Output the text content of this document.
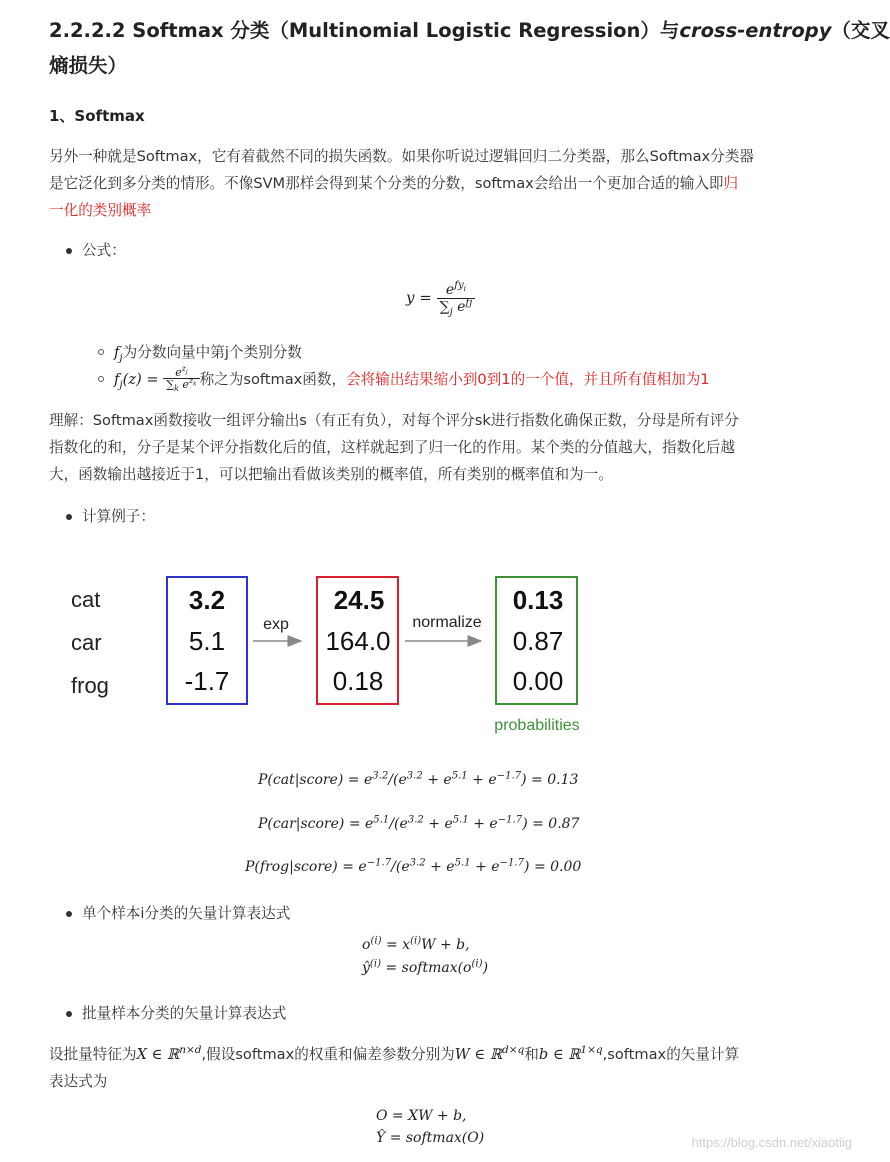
2.2.2.2 Softmax 分类（Multinomial Logistic Regression）与cross-entropy（交叉
熵损失）
1、Softmax
另外一种就是Softmax，它有着截然不同的损失函数。如果你听说过逻辑回归二分类器，那么Softmax分类器
是它泛化到多分类的情形。不像SVM那样会得到某个分类的分数，softmax会给出一个更加合适的输入即归
一化的类别概率
公式：
$y = \frac{e^{fy_i}}{\sum_j e^{fj}}$
$f_j$为分数向量中第j个类别分数
$f_j(z) = \frac{e^{z_j}}{\sum_k e^{z_k}}$ 称之为softmax函数，会将输出结果缩小到0到1的一个值，并且所有值相加为1
理解：Softmax函数接收一组评分输出s（有正有负），对每个评分sk进行指数化确保正数，分母是所有评分
指数化的和，分子是某个评分指数化后的值，这样就起到了归一化的作用。某个类的分值越大，指数化后越
大，函数输出越接近于1，可以把输出看做该类别的概率值，所有类别的概率值和为一。
计算例子：
cat
car
frog
3.2
5.1
-1.7
exp
24.5
164.0
0.18
normalize
0.13
0.87
0.00
probabilities
P(cat|score) = $e^{3.2}/(e^{3.2} + e^{5.1} + e^{-1.7}) = 0.13$
P(car|score) = $e^{5.1}/(e^{3.2} + e^{5.1} + e^{-1.7}) = 0.87$
P(frog|score) = $e^{-1.7}/(e^{3.2} + e^{5.1} + e^{-1.7}) = 0.00$
单个样本i分类的矢量计算表达式
$o^{(i)} = x^{(i)}W + b$,
$ŷ^{(i)}$ = $softmax(o^{(i)})$
批量样本分类的矢量计算表达式
设批量特征为X ∈ ℝ$^{n\times d}$,假设softmax的权重和偏差参数分别为W ∈ ℝ$^{d\times q}$和b ∈ ℝ$^{1\times q}$,softmax的矢量计算
表达式为
O = XW + b,
Ŷ = softmax(O)	https://blog.csdn.net/xiaotiig
